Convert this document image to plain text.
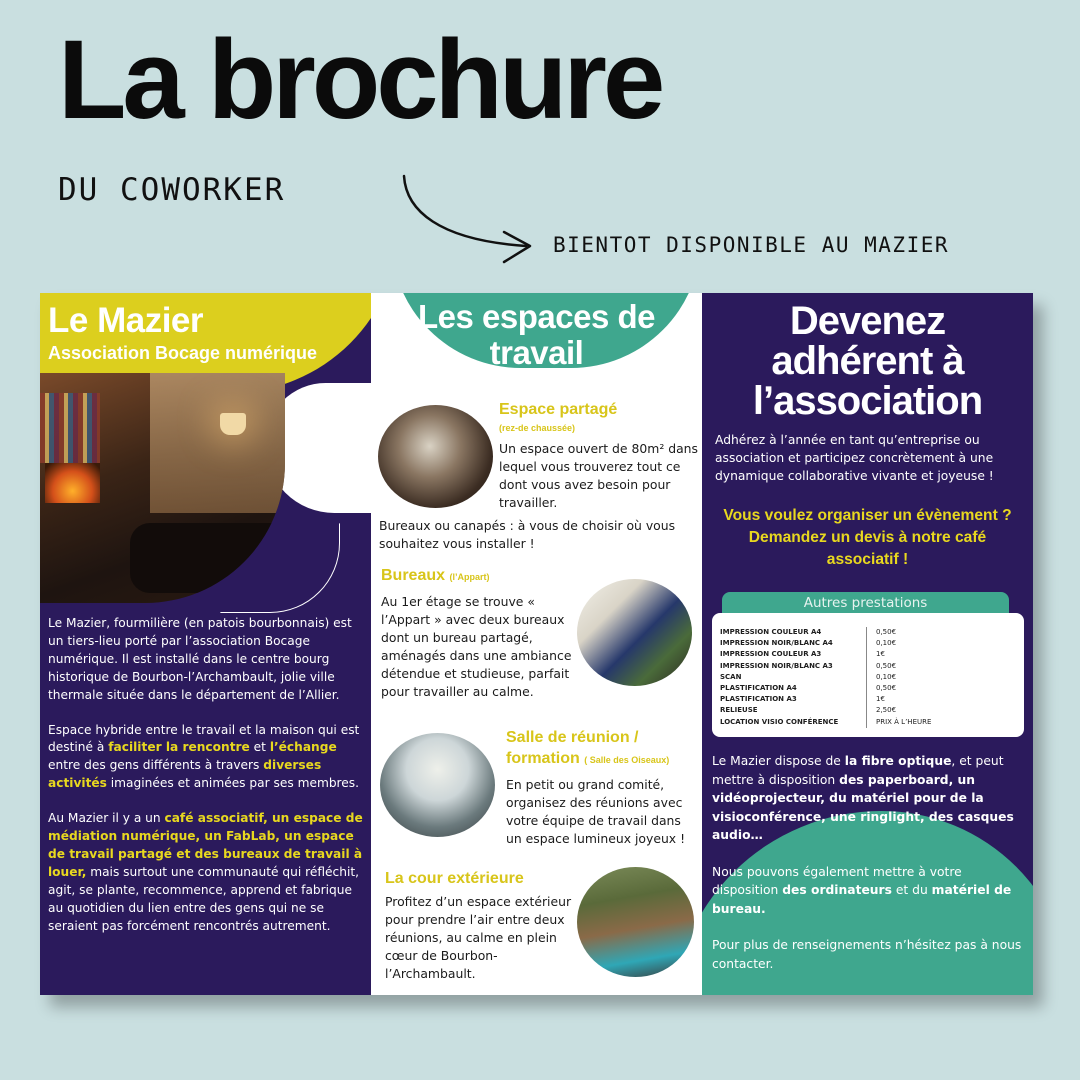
La brochure
DU COWORKER
BIENTOT DISPONIBLE AU MAZIER
Le Mazier
Association Bocage numérique

Le Mazier, fourmilière (en patois bourbonnais) est un tiers-lieu porté par l’association Bocage numérique. Il est installé dans le centre bourg historique de Bourbon-l’Archambault, jolie ville thermale située dans le département de l’Allier.

Espace hybride entre le travail et la maison qui est destiné à faciliter la rencontre et l’échange entre des gens différents à travers diverses activités imaginées et animées par ses membres.

Au Mazier il y a un café associatif, un espace de médiation numérique, un FabLab, un espace de travail partagé et des bureaux de travail à louer, mais surtout une communauté qui réfléchit, agit, se plante, recommence, apprend et fabrique au quotidien du lien entre des gens qui ne se seraient pas forcément rencontrés autrement.

Les espaces de
travail
Espace partagé
(rez-de chaussée)
Un espace ouvert de 80m² dans lequel vous trouverez tout ce dont vous avez besoin pour travailler.
Bureaux ou canapés : à vous de choisir où vous souhaitez vous installer !
Bureaux (l’Appart)
Au 1er étage se trouve « l’Appart » avec deux bureaux dont un bureau partagé, aménagés dans une ambiance détendue et studieuse, parfait pour travailler au calme.
Salle de réunion /
formation ( Salle des Oiseaux)
En petit ou grand comité, organisez des réunions avec votre équipe de travail dans un espace lumineux joyeux !
La cour extérieure
Profitez d’un espace extérieur pour prendre l’air entre deux réunions, au calme en plein cœur de Bourbon-l’Archambault.
Devenez
adhérent à
l’association
Adhérez à l’année en tant qu’entreprise ou association et participez concrètement à une dynamique collaborative vivante et joyeuse !
Vous voulez organiser un évènement ? Demandez un devis à notre café associatif !
Autres prestations
IMPRESSION COULEUR A4
IMPRESSION NOIR/BLANC A4
IMPRESSION COULEUR A3
IMPRESSION NOIR/BLANC A3
SCAN
PLASTIFICATION A4
PLASTIFICATION A3
RELIEUSE
LOCATION VISIO CONFÉRENCE
0,50€
0,10€
1€
0,50€
0,10€
0,50€
1€
2,50€
PRIX À L’HEURE

Le Mazier dispose de la fibre optique, et peut mettre à disposition des paperboard, un vidéoprojecteur, du matériel pour de la visioconférence, une ringlight, des casques audio…

Nous pouvons également mettre à votre disposition des ordinateurs et du matériel de bureau.

Pour plus de renseignements n’hésitez pas à nous contacter.
